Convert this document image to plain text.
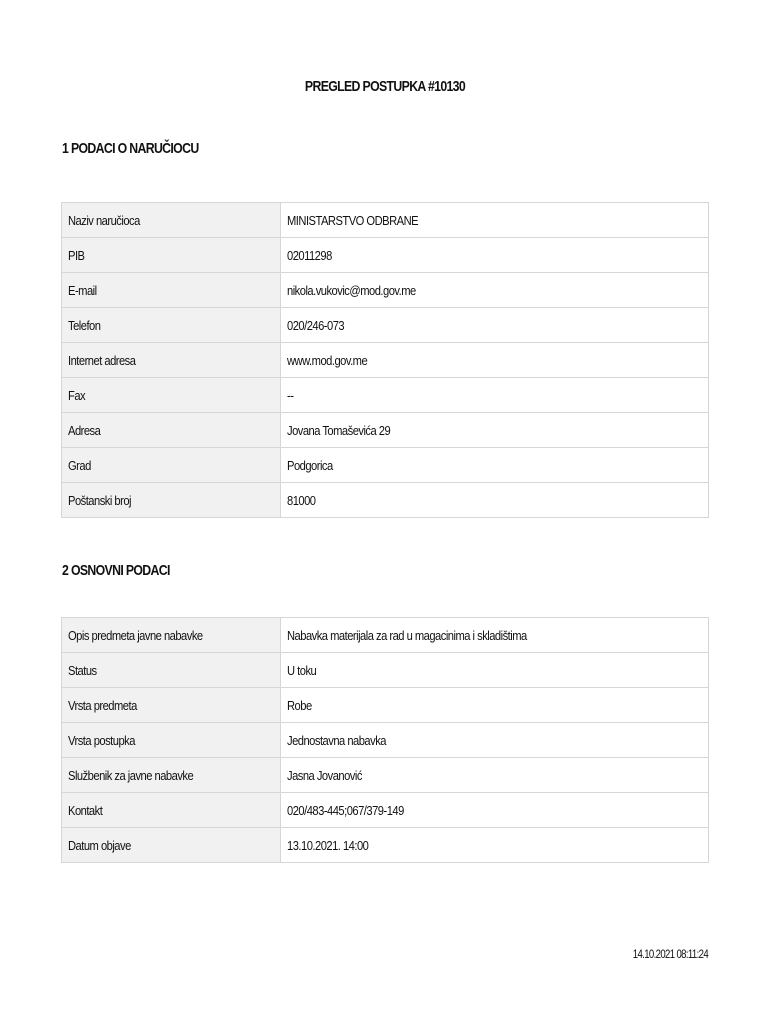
PREGLED POSTUPKA #10130
1 PODACI O NARUČIOCU
Naziv naručioca	MINISTARSTVO ODBRANE
PIB	02011298
E-mail	nikola.vukovic@mod.gov.me
Telefon	020/246-073
Internet adresa	www.mod.gov.me
Fax	--
Adresa	Jovana Tomaševića 29
Grad	Podgorica
Poštanski broj	81000
2 OSNOVNI PODACI
Opis predmeta javne nabavke	Nabavka materijala za rad u magacinima i skladištima
Status	U toku
Vrsta predmeta	Robe
Vrsta postupka	Jednostavna nabavka
Službenik za javne nabavke	Jasna Jovanović
Kontakt	020/483-445;067/379-149
Datum objave	13.10.2021. 14:00
14.10.2021 08:11:24
